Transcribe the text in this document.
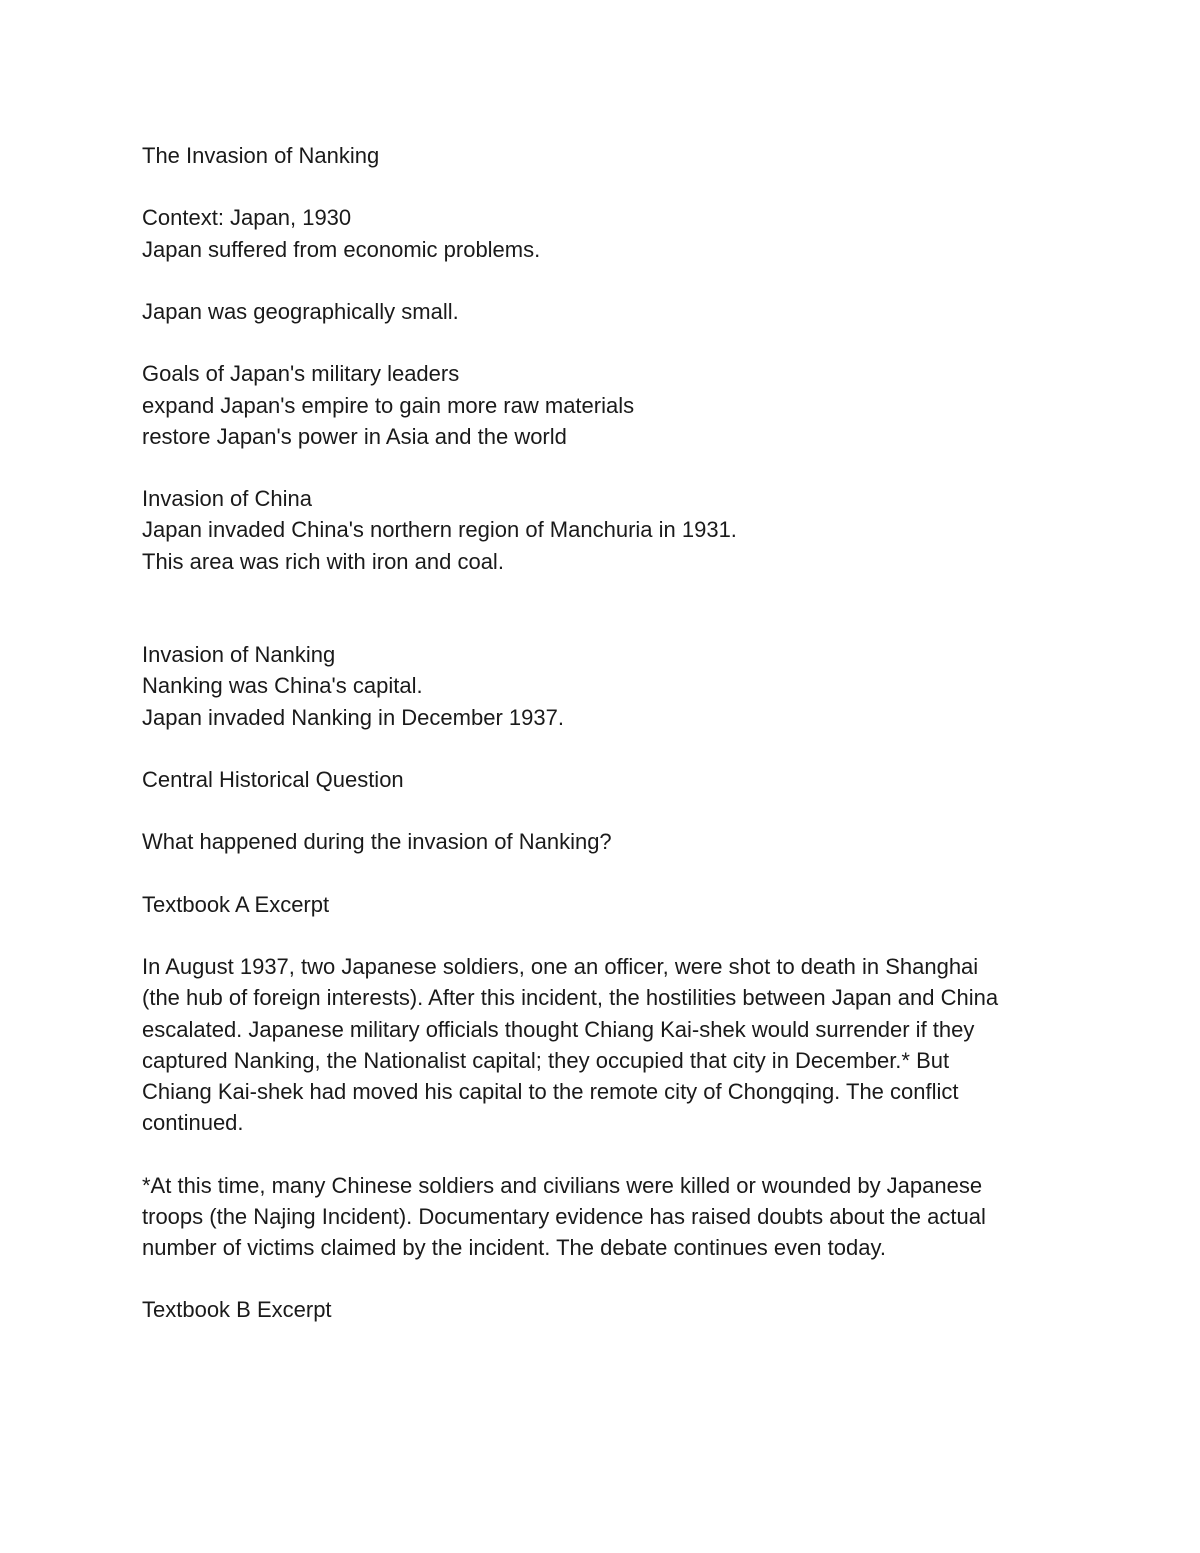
The Invasion of Nanking
Context: Japan, 1930
Japan suffered from economic problems.
Japan was geographically small.
Goals of Japan's military leaders
expand Japan's empire to gain more raw materials
restore Japan's power in Asia and the world
Invasion of China
Japan invaded China's northern region of Manchuria in 1931.
This area was rich with iron and coal.
Invasion of Nanking
Nanking was China's capital.
Japan invaded Nanking in December 1937.
Central Historical Question
What happened during the invasion of Nanking?
Textbook A Excerpt
In August 1937, two Japanese soldiers, one an officer, were shot to death in Shanghai
(the hub of foreign interests). After this incident, the hostilities between Japan and China
escalated. Japanese military officials thought Chiang Kai-shek would surrender if they
captured Nanking, the Nationalist capital; they occupied that city in December.* But
Chiang Kai-shek had moved his capital to the remote city of Chongqing. The conflict
continued.
*At this time, many Chinese soldiers and civilians were killed or wounded by Japanese
troops (the Najing Incident). Documentary evidence has raised doubts about the actual
number of victims claimed by the incident. The debate continues even today.
Textbook B Excerpt
